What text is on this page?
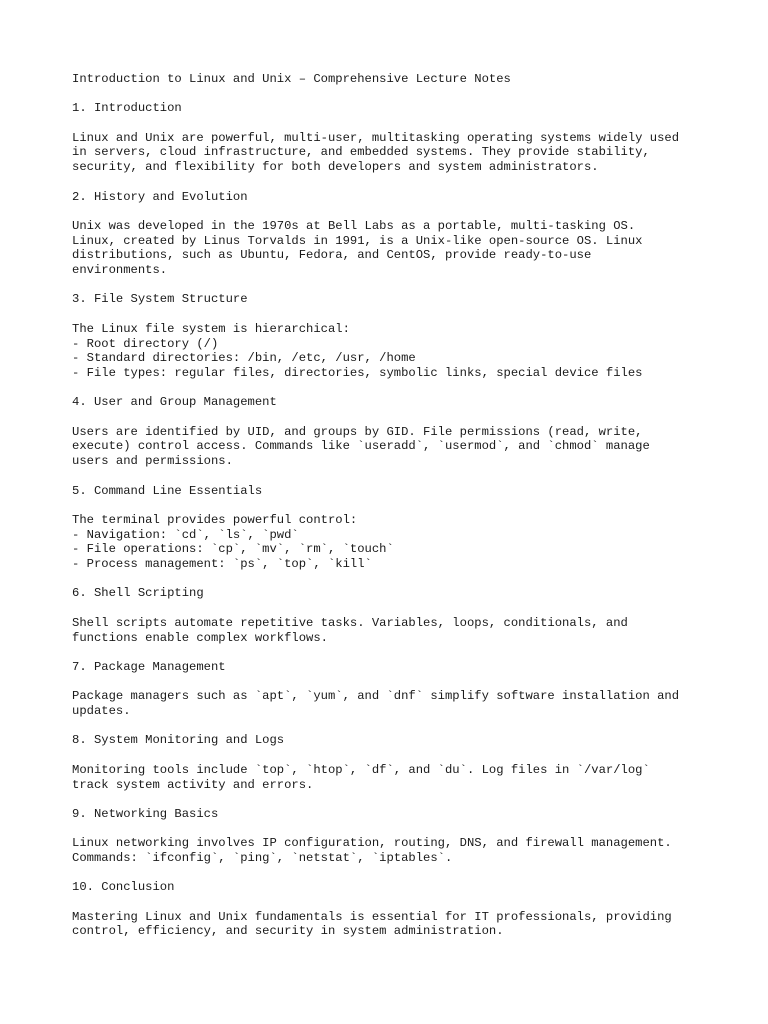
Introduction to Linux and Unix – Comprehensive Lecture Notes
1. Introduction
Linux and Unix are powerful, multi-user, multitasking operating systems widely used
in servers, cloud infrastructure, and embedded systems. They provide stability,
security, and flexibility for both developers and system administrators.
2. History and Evolution
Unix was developed in the 1970s at Bell Labs as a portable, multi-tasking OS.
Linux, created by Linus Torvalds in 1991, is a Unix-like open-source OS. Linux
distributions, such as Ubuntu, Fedora, and CentOS, provide ready-to-use
environments.
3. File System Structure
The Linux file system is hierarchical:
- Root directory (/)
- Standard directories: /bin, /etc, /usr, /home
- File types: regular files, directories, symbolic links, special device files
4. User and Group Management
Users are identified by UID, and groups by GID. File permissions (read, write,
execute) control access. Commands like `useradd`, `usermod`, and `chmod` manage
users and permissions.
5. Command Line Essentials
The terminal provides powerful control:
- Navigation: `cd`, `ls`, `pwd`
- File operations: `cp`, `mv`, `rm`, `touch`
- Process management: `ps`, `top`, `kill`
6. Shell Scripting
Shell scripts automate repetitive tasks. Variables, loops, conditionals, and
functions enable complex workflows.
7. Package Management
Package managers such as `apt`, `yum`, and `dnf` simplify software installation and
updates.
8. System Monitoring and Logs
Monitoring tools include `top`, `htop`, `df`, and `du`. Log files in `/var/log`
track system activity and errors.
9. Networking Basics
Linux networking involves IP configuration, routing, DNS, and firewall management.
Commands: `ifconfig`, `ping`, `netstat`, `iptables`.
10. Conclusion
Mastering Linux and Unix fundamentals is essential for IT professionals, providing
control, efficiency, and security in system administration.
